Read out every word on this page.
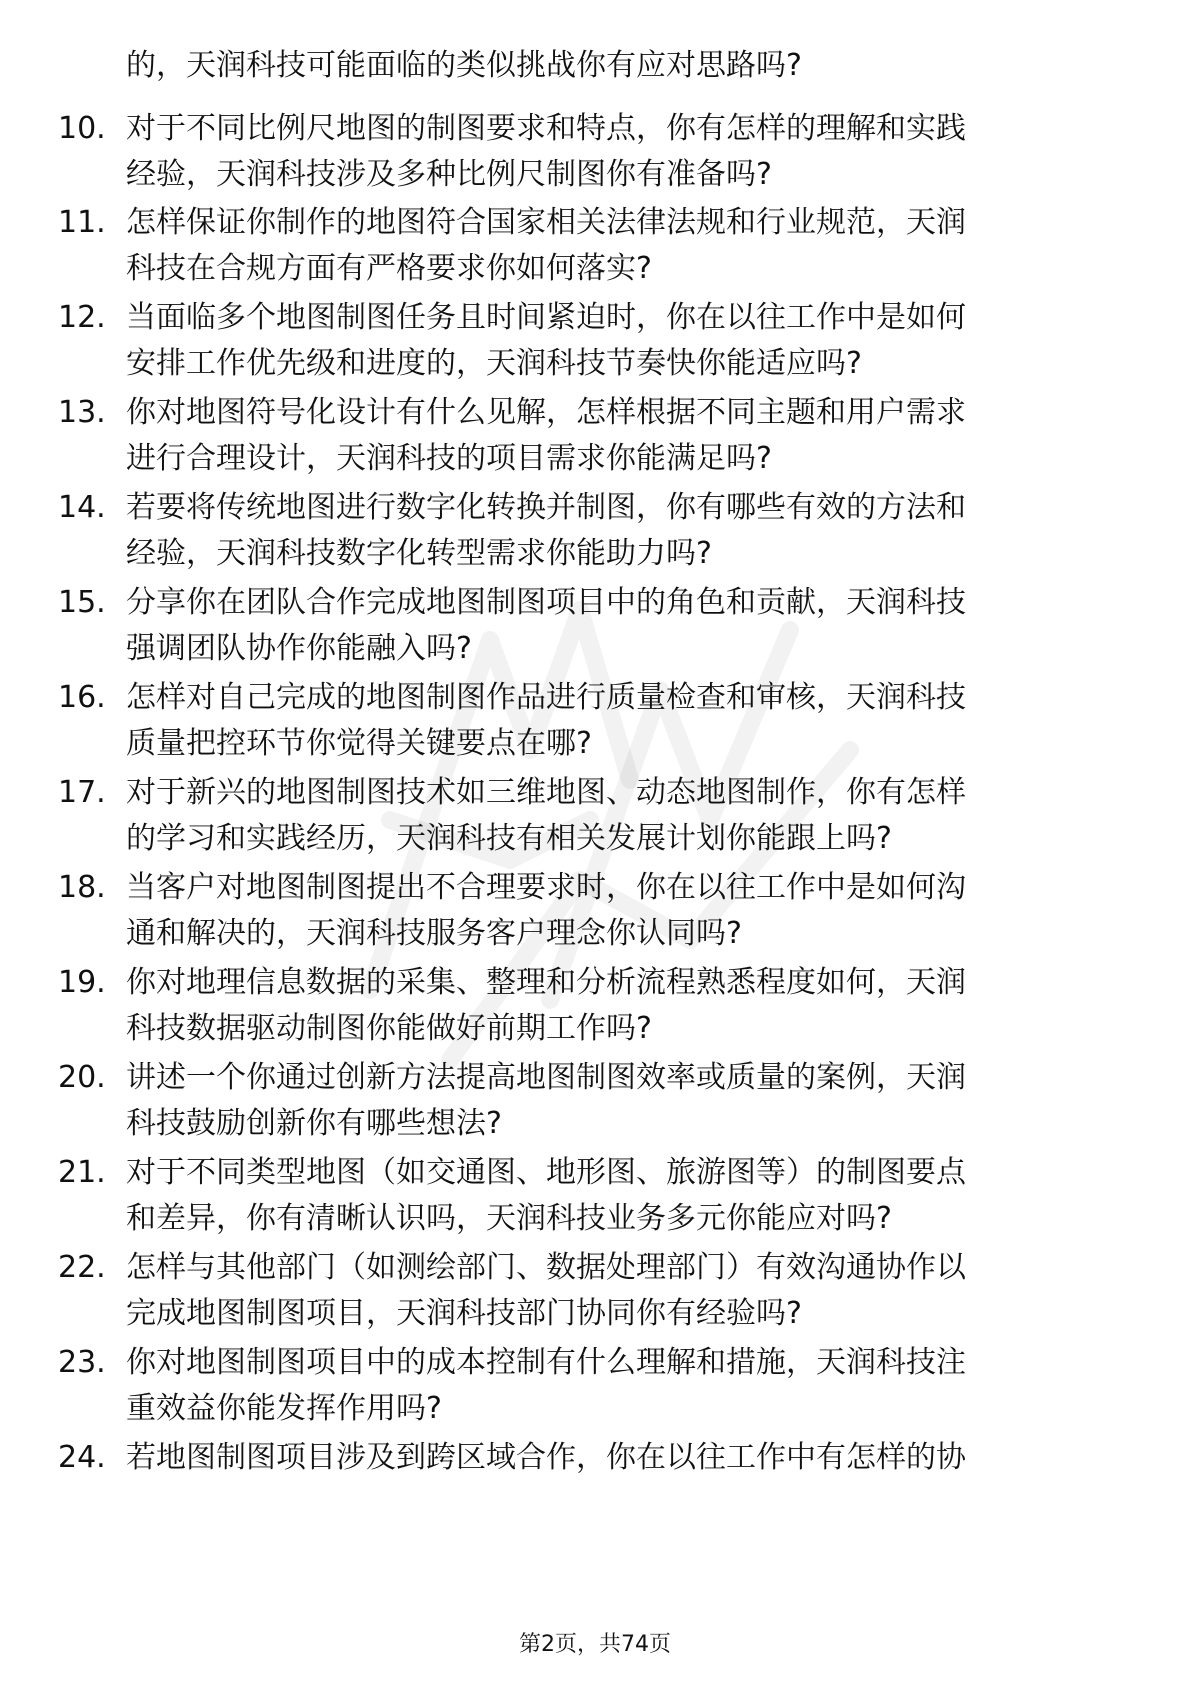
的，天润科技可能面临的类似挑战你有应对思路吗?

10. 对于不同比例尺地图的制图要求和特点，你有怎样的理解和实践
经验，天润科技涉及多种比例尺制图你有准备吗?
11. 怎样保证你制作的地图符合国家相关法律法规和行业规范，天润
科技在合规方面有严格要求你如何落实?
12. 当面临多个地图制图任务且时间紧迫时，你在以往工作中是如何
安排工作优先级和进度的，天润科技节奏快你能适应吗?
13. 你对地图符号化设计有什么见解，怎样根据不同主题和用户需求
进行合理设计，天润科技的项目需求你能满足吗?
14. 若要将传统地图进行数字化转换并制图，你有哪些有效的方法和
经验，天润科技数字化转型需求你能助力吗?
15. 分享你在团队合作完成地图制图项目中的角色和贡献，天润科技
强调团队协作你能融入吗?
16. 怎样对自己完成的地图制图作品进行质量检查和审核，天润科技
质量把控环节你觉得关键要点在哪?
17. 对于新兴的地图制图技术如三维地图、动态地图制作，你有怎样
的学习和实践经历，天润科技有相关发展计划你能跟上吗?
18. 当客户对地图制图提出不合理要求时，你在以往工作中是如何沟
通和解决的，天润科技服务客户理念你认同吗?
19. 你对地理信息数据的采集、整理和分析流程熟悉程度如何，天润
科技数据驱动制图你能做好前期工作吗?
20. 讲述一个你通过创新方法提高地图制图效率或质量的案例，天润
科技鼓励创新你有哪些想法?
21. 对于不同类型地图（如交通图、地形图、旅游图等）的制图要点
和差异，你有清晰认识吗，天润科技业务多元你能应对吗?
22. 怎样与其他部门（如测绘部门、数据处理部门）有效沟通协作以
完成地图制图项目，天润科技部门协同你有经验吗?
23. 你对地图制图项目中的成本控制有什么理解和措施，天润科技注
重效益你能发挥作用吗?
24. 若地图制图项目涉及到跨区域合作，你在以往工作中有怎样的协
第2页，共74页
